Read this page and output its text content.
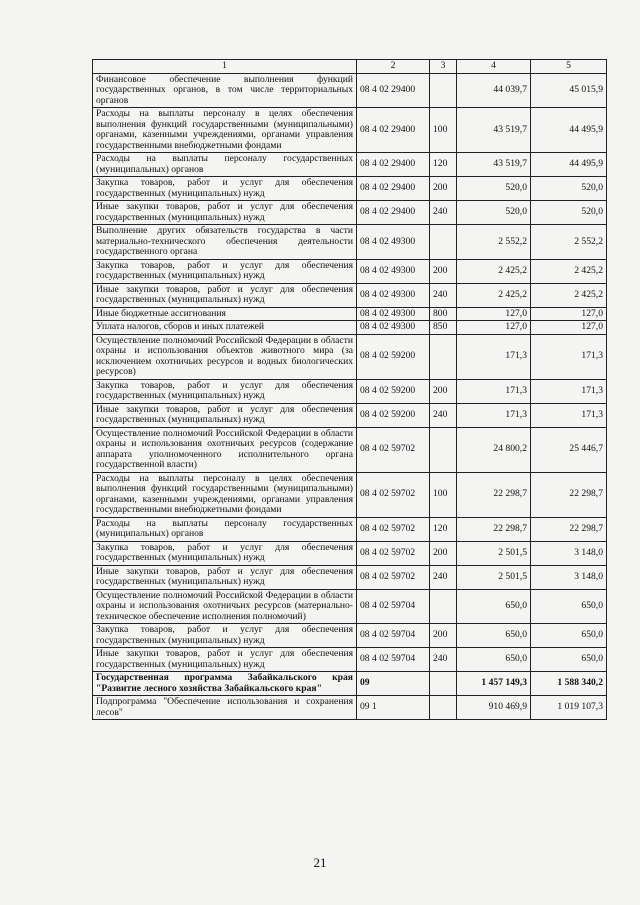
1	2	3	4	5
Финансовое обеспечение выполнения функций государственных органов, в том числе территориальных органов	08 4 02 29400		44 039,7	45 015,9
Расходы на выплаты персоналу в целях обеспечения выполнения функций государственными (муниципальными) органами, казенными учреждениями, органами управления государственными внебюджетными фондами	08 4 02 29400	100	43 519,7	44 495,9
Расходы на выплаты персоналу государственных (муниципальных) органов	08 4 02 29400	120	43 519,7	44 495,9
Закупка товаров, работ и услуг для обеспечения государственных (муниципальных) нужд	08 4 02 29400	200	520,0	520,0
Иные закупки товаров, работ и услуг для обеспечения государственных (муниципальных) нужд	08 4 02 29400	240	520,0	520,0
Выполнение других обязательств государства в части материально-технического обеспечения деятельности государственного органа	08 4 02 49300		2 552,2	2 552,2
Закупка товаров, работ и услуг для обеспечения государственных (муниципальных) нужд	08 4 02 49300	200	2 425,2	2 425,2
Иные закупки товаров, работ и услуг для обеспечения государственных (муниципальных) нужд	08 4 02 49300	240	2 425,2	2 425,2
Иные бюджетные ассигнования	08 4 02 49300	800	127,0	127,0
Уплата налогов, сборов и иных платежей	08 4 02 49300	850	127,0	127,0
Осуществление полномочий Российской Федерации в области охраны и использования объектов животного мира (за исключением охотничьих ресурсов и водных биологических ресурсов)	08 4 02 59200		171,3	171,3
Закупка товаров, работ и услуг для обеспечения государственных (муниципальных) нужд	08 4 02 59200	200	171,3	171,3
Иные закупки товаров, работ и услуг для обеспечения государственных (муниципальных) нужд	08 4 02 59200	240	171,3	171,3
Осуществление полномочий Российской Федерации в области охраны и использования охотничьих ресурсов (содержание аппарата уполномоченного исполнительного органа государственной власти)	08 4 02 59702		24 800,2	25 446,7
Расходы на выплаты персоналу в целях обеспечения выполнения функций государственными (муниципальными) органами, казенными учреждениями, органами управления государственными внебюджетными фондами	08 4 02 59702	100	22 298,7	22 298,7
Расходы на выплаты персоналу государственных (муниципальных) органов	08 4 02 59702	120	22 298,7	22 298,7
Закупка товаров, работ и услуг для обеспечения государственных (муниципальных) нужд	08 4 02 59702	200	2 501,5	3 148,0
Иные закупки товаров, работ и услуг для обеспечения государственных (муниципальных) нужд	08 4 02 59702	240	2 501,5	3 148,0
Осуществление полномочий Российской Федерации в области охраны и использования охотничьих ресурсов (материально-техническое обеспечение исполнения полномочий)	08 4 02 59704		650,0	650,0
Закупка товаров, работ и услуг для обеспечения государственных (муниципальных) нужд	08 4 02 59704	200	650,0	650,0
Иные закупки товаров, работ и услуг для обеспечения государственных (муниципальных) нужд	08 4 02 59704	240	650,0	650,0
Государственная программа Забайкальского края "Развитие лесного хозяйства Забайкальского края"	09		1 457 149,3	1 588 340,2
Подпрограмма "Обеспечение использования и сохранения лесов"	09 1		910 469,9	1 019 107,3
21
